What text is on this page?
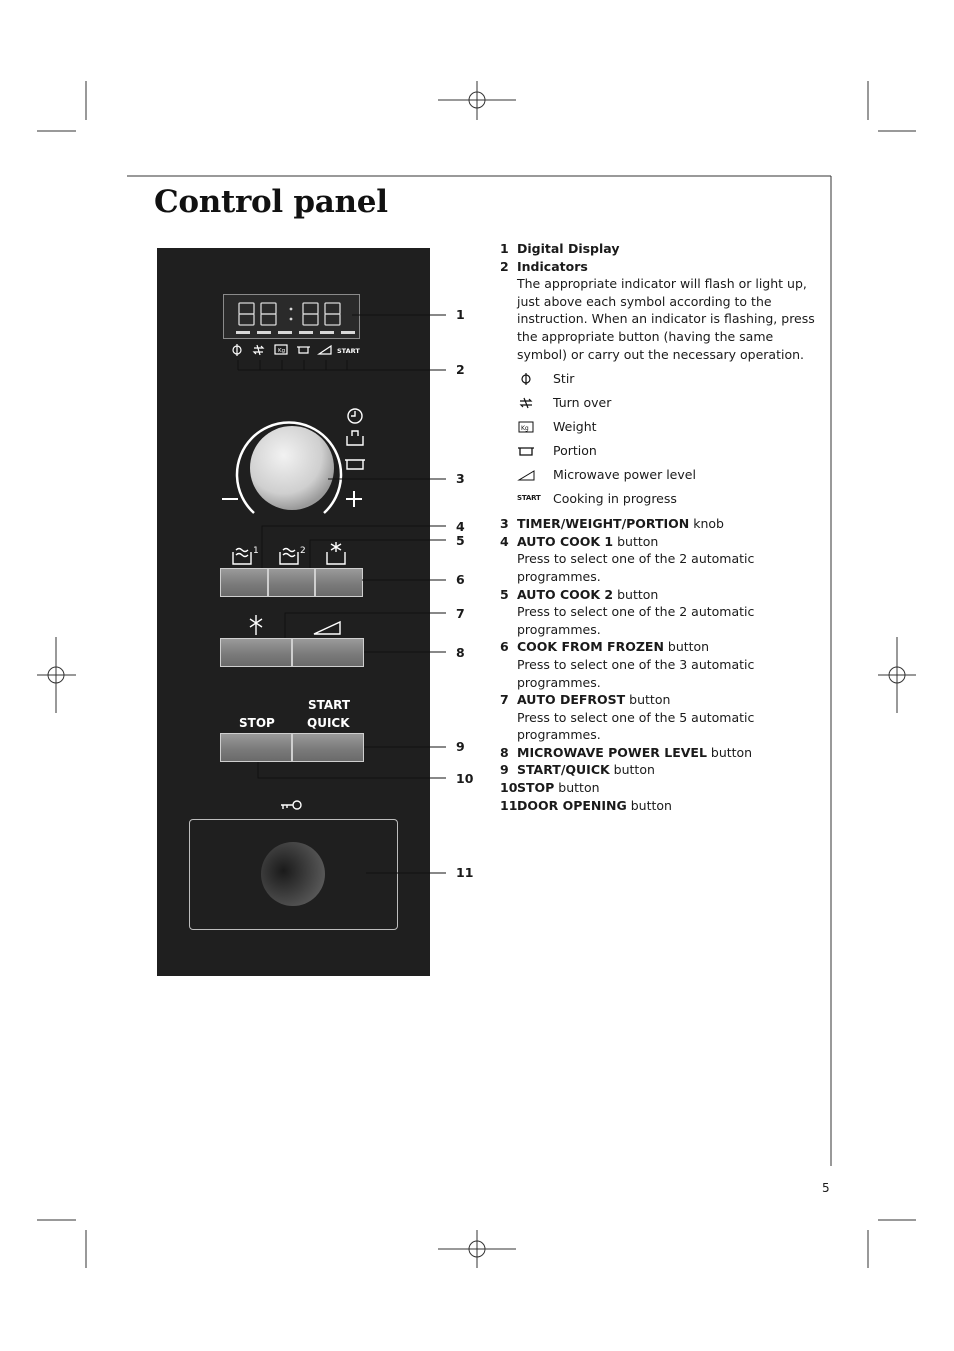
Control panel
Kg	START
1	2
START
STOP	QUICK
1
2
3
4
5
6
7
8
9
10
11
1 Digital Display
2 Indicators
The appropriate indicator will flash or light up, just above each symbol according to the instruction. When an indicator is flashing, press the appropriate button (having the same symbol) or carry out the necessary operation.
Stir
Turn over
Kg Weight
Portion
Microwave power level
START Cooking in progress
3 TIMER/WEIGHT/PORTION knob
4 AUTO COOK 1 button
Press to select one of the 2 automatic programmes.
5 AUTO COOK 2 button
Press to select one of the 2 automatic programmes.
6 COOK FROM FROZEN button
Press to select one of the 3 automatic programmes.
7 AUTO DEFROST button
Press to select one of the 5 automatic programmes.
8 MICROWAVE POWER LEVEL button
9 START/QUICK button
10 STOP button
11 DOOR OPENING button
5
